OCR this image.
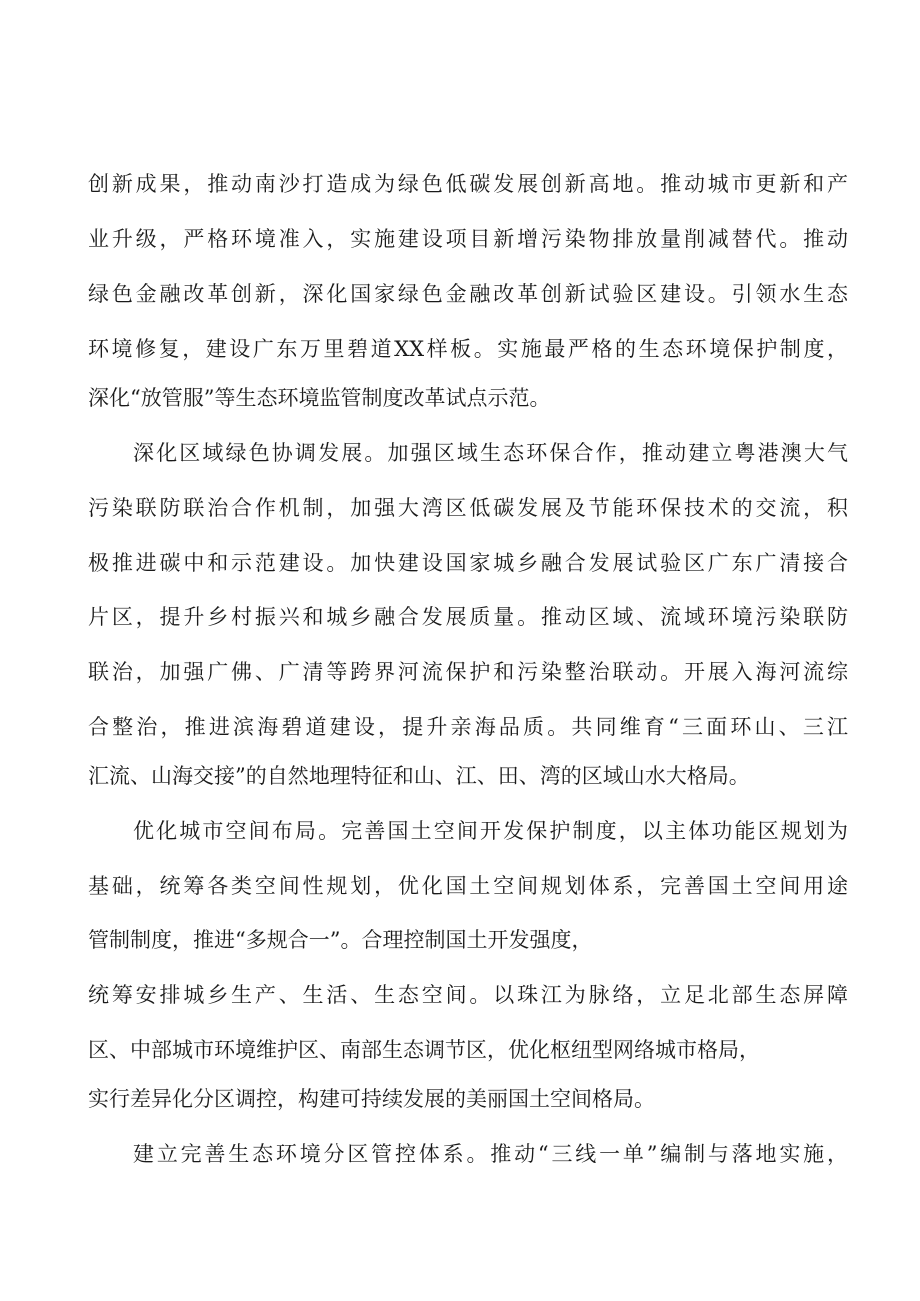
创新成果，推动南沙打造成为绿色低碳发展创新高地。推动城市更新和产
业升级，严格环境准入，实施建设项目新增污染物排放量削减替代。推动
绿色金融改革创新，深化国家绿色金融改革创新试验区建设。引领水生态
环境修复，建设广东万里碧道XX样板。实施最严格的生态环境保护制度，
深化“放管服”等生态环境监管制度改革试点示范。
深化区域绿色协调发展。加强区域生态环保合作，推动建立粤港澳大气
污染联防联治合作机制，加强大湾区低碳发展及节能环保技术的交流，积
极推进碳中和示范建设。加快建设国家城乡融合发展试验区广东广清接合
片区，提升乡村振兴和城乡融合发展质量。推动区域、流域环境污染联防
联治，加强广佛、广清等跨界河流保护和污染整治联动。开展入海河流综
合整治，推进滨海碧道建设，提升亲海品质。共同维育“三面环山、三江
汇流、山海交接”的自然地理特征和山、江、田、湾的区域山水大格局。
优化城市空间布局。完善国土空间开发保护制度，以主体功能区规划为
基础，统筹各类空间性规划，优化国土空间规划体系，完善国土空间用途
管制制度，推进“多规合一”。合理控制国土开发强度，
统筹安排城乡生产、生活、生态空间。以珠江为脉络，立足北部生态屏障
区、中部城市环境维护区、南部生态调节区，优化枢纽型网络城市格局，
实行差异化分区调控，构建可持续发展的美丽国土空间格局。
建立完善生态环境分区管控体系。推动“三线一单”编制与落地实施，
